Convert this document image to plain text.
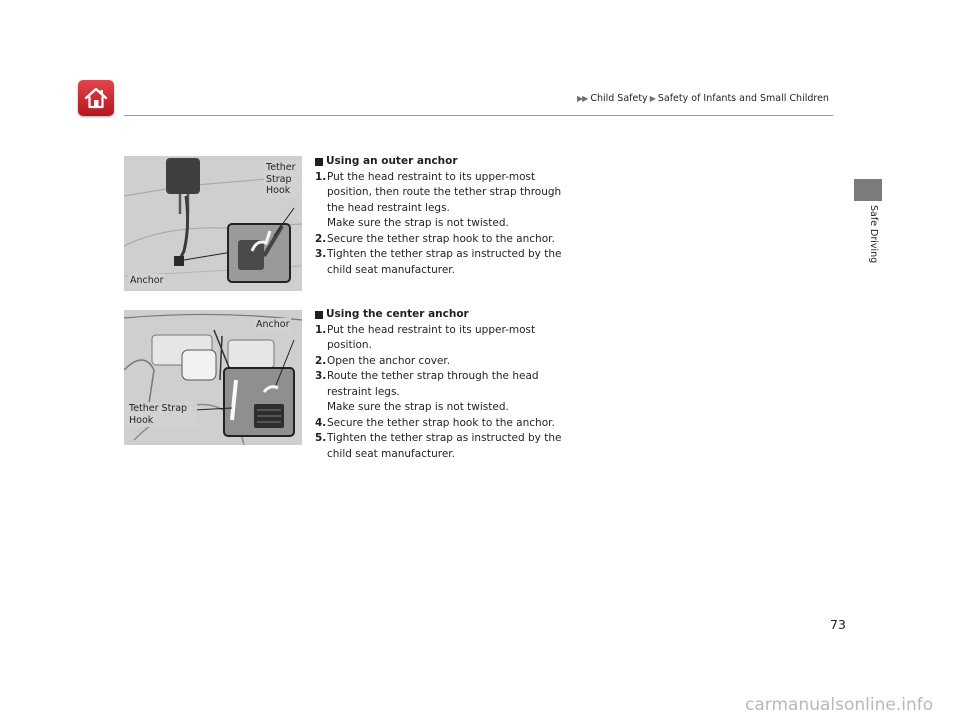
▶▶ Child Safety ▶ Safety of Infants and Small Children
Safe Driving
Tether Strap Hook
Anchor
Anchor
Tether Strap Hook
Using an outer anchor
1. Put the head restraint to its upper-most position, then route the tether strap through the head restraint legs.
Make sure the strap is not twisted.
2. Secure the tether strap hook to the anchor.
3. Tighten the tether strap as instructed by the child seat manufacturer.
Using the center anchor
1. Put the head restraint to its upper-most position.
2. Open the anchor cover.
3. Route the tether strap through the head restraint legs.
Make sure the strap is not twisted.
4. Secure the tether strap hook to the anchor.
5. Tighten the tether strap as instructed by the child seat manufacturer.
73
carmanualsonline.info
